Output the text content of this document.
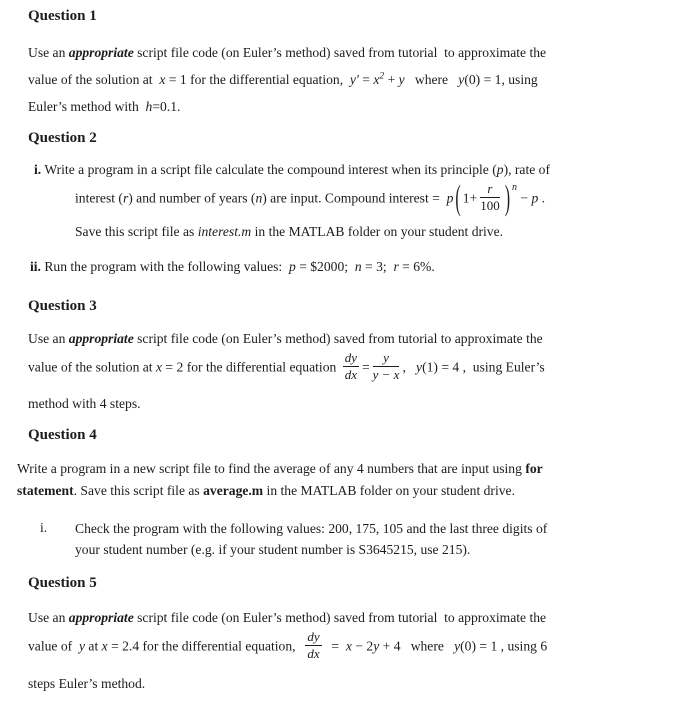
Question 1
Use an appropriate script file code (on Euler’s method) saved from tutorial  to approximate the
value of the solution at  x = 1 for the differential equation,  $y' = x^2 + y$   where   y(0) = 1, using
Euler’s method with  h=0.1.
Question 2
i. Write a program in a script file calculate the compound interest when its principle (p), rate of
interest (r) and number of years (n) are input. Compound interest =  p ( $1+ \frac{r}{100}$ ) $^n$ − p .
Save this script file as interest.m in the MATLAB folder on your student drive.
ii. Run the program with the following values:  p = $2000;  n = 3;  r = 6%.
Question 3
Use an appropriate script file code (on Euler’s method) saved from tutorial to approximate the
value of the solution at x = 2 for the differential equation $\frac{dy}{dx} = \frac{y}{y - x}$ ,   y(1) = 4 ,  using Euler’s
method with 4 steps.
Question 4
Write a program in a new script file to find the average of any 4 numbers that are input using for
statement. Save this script file as average.m in the MATLAB folder on your student drive.
i.	Check the program with the following values: 200, 175, 105 and the last three digits of
your student number (e.g. if your student number is S3645215, use 215).
Question 5
Use an appropriate script file code (on Euler’s method) saved from tutorial  to approximate the
value of  y at x = 2.4 for the differential equation, $\frac{dy}{dx} = x - 2y + 4$   where   y(0) = 1 , using 6
steps Euler’s method.
